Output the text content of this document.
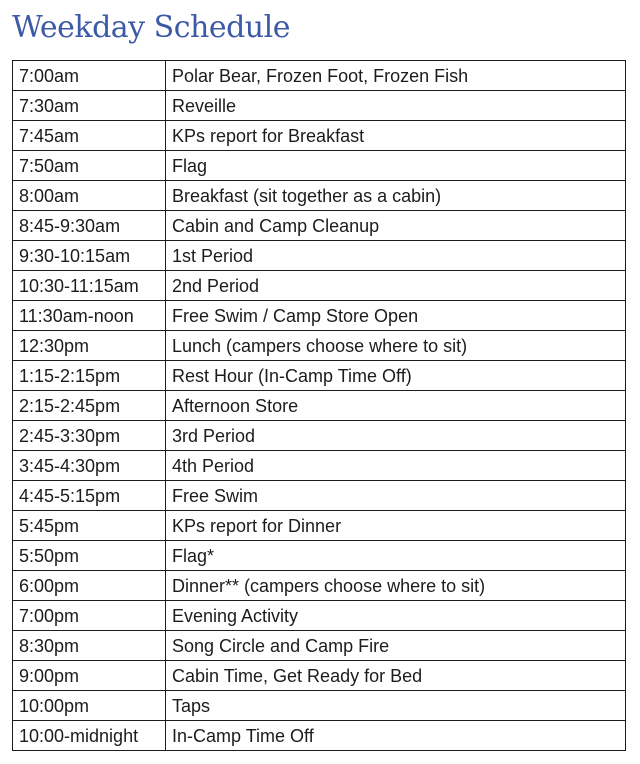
Weekday Schedule
7:00am	Polar Bear, Frozen Foot, Frozen Fish
7:30am	Reveille
7:45am	KPs report for Breakfast
7:50am	Flag
8:00am	Breakfast (sit together as a cabin)
8:45-9:30am	Cabin and Camp Cleanup
9:30-10:15am	1st Period
10:30-11:15am	2nd Period
11:30am-noon	Free Swim / Camp Store Open
12:30pm	Lunch (campers choose where to sit)
1:15-2:15pm	Rest Hour (In-Camp Time Off)
2:15-2:45pm	Afternoon Store
2:45-3:30pm	3rd Period
3:45-4:30pm	4th Period
4:45-5:15pm	Free Swim
5:45pm	KPs report for Dinner
5:50pm	Flag*
6:00pm	Dinner** (campers choose where to sit)
7:00pm	Evening Activity
8:30pm	Song Circle and Camp Fire
9:00pm	Cabin Time, Get Ready for Bed
10:00pm	Taps
10:00-midnight	In-Camp Time Off
